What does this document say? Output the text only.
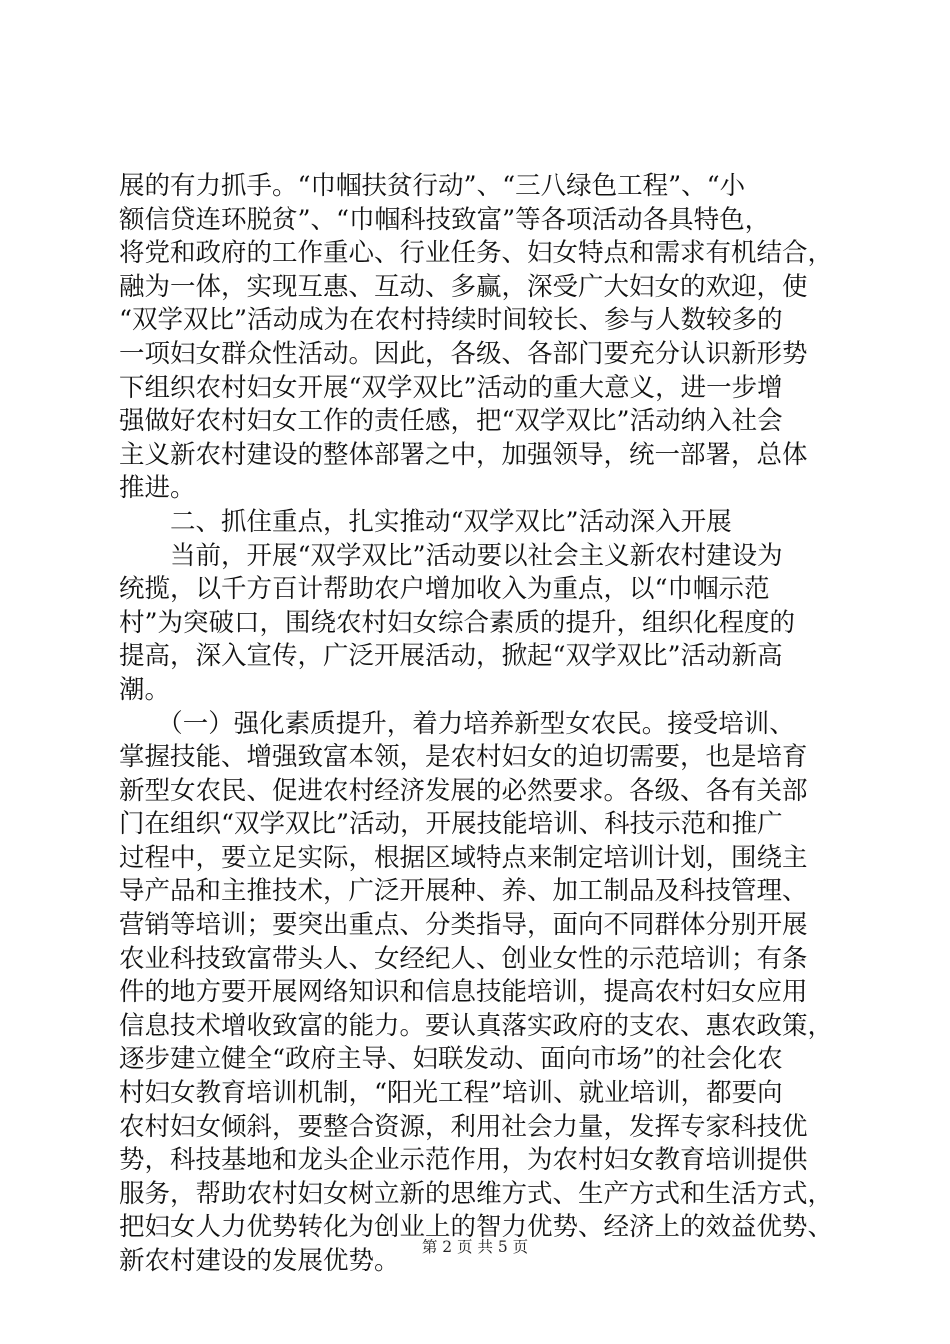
展的有力抓手。“巾帼扶贫行动”、“三八绿色工程”、“小
额信贷连环脱贫”、“巾帼科技致富”等各项活动各具特色，
将党和政府的工作重心、行业任务、妇女特点和需求有机结合，
融为一体，实现互惠、互动、多赢，深受广大妇女的欢迎，使
“双学双比”活动成为在农村持续时间较长、参与人数较多的
一项妇女群众性活动。因此，各级、各部门要充分认识新形势
下组织农村妇女开展“双学双比”活动的重大意义，进一步增
强做好农村妇女工作的责任感，把“双学双比”活动纳入社会
主义新农村建设的整体部署之中，加强领导，统一部署，总体
推进。
　　二、抓住重点，扎实推动“双学双比”活动深入开展
　　当前，开展“双学双比”活动要以社会主义新农村建设为
统揽，以千方百计帮助农户增加收入为重点，以“巾帼示范
村”为突破口，围绕农村妇女综合素质的提升，组织化程度的
提高，深入宣传，广泛开展活动，掀起“双学双比”活动新高
潮。
　　（一）强化素质提升，着力培养新型女农民。接受培训、
掌握技能、增强致富本领，是农村妇女的迫切需要，也是培育
新型女农民、促进农村经济发展的必然要求。各级、各有关部
门在组织“双学双比”活动，开展技能培训、科技示范和推广
过程中，要立足实际，根据区域特点来制定培训计划，围绕主
导产品和主推技术，广泛开展种、养、加工制品及科技管理、
营销等培训；要突出重点、分类指导，面向不同群体分别开展
农业科技致富带头人、女经纪人、创业女性的示范培训；有条
件的地方要开展网络知识和信息技能培训，提高农村妇女应用
信息技术增收致富的能力。要认真落实政府的支农、惠农政策，
逐步建立健全“政府主导、妇联发动、面向市场”的社会化农
村妇女教育培训机制，“阳光工程”培训、就业培训，都要向
农村妇女倾斜，要整合资源，利用社会力量，发挥专家科技优
势，科技基地和龙头企业示范作用，为农村妇女教育培训提供
服务，帮助农村妇女树立新的思维方式、生产方式和生活方式，
把妇女人力优势转化为创业上的智力优势、经济上的效益优势、
新农村建设的发展优势。	第 2 页 共 5 页
